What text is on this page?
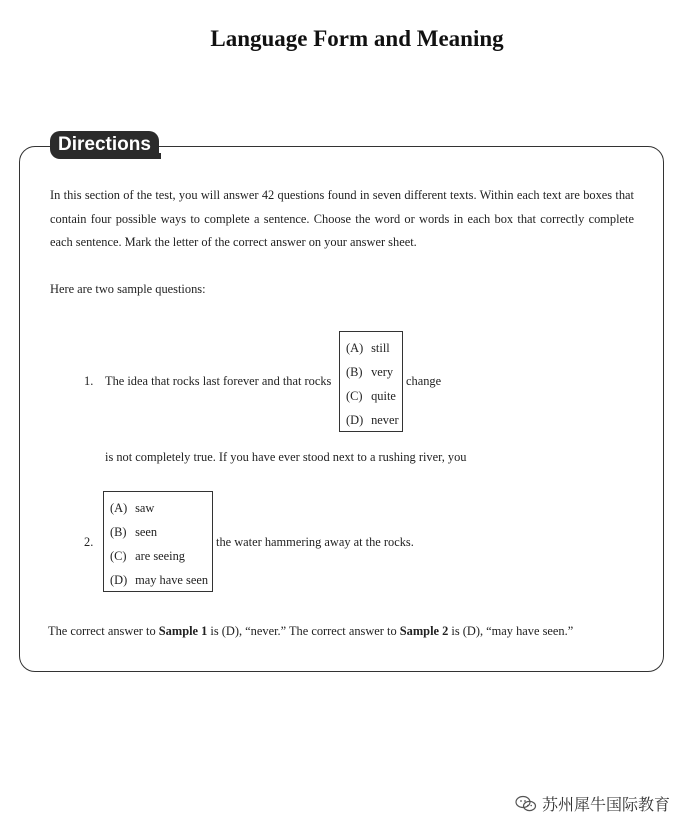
Language Form and Meaning
Directions

In this section of the test, you will answer 42 questions found in seven different texts. Within each text are boxes that contain four possible ways to complete a sentence. Choose the word or words in each box that correctly complete each sentence. Mark the letter of the correct answer on your answer sheet.

Here are two sample questions:

1. The idea that rocks last forever and that rocks
(A) still
(B) very
(C) quite
(D) never
change
is not completely true. If you have ever stood next to a rushing river, you
2.
(A) saw
(B) seen
(C) are seeing
(D) may have seen
the water hammering away at the rocks.

The correct answer to Sample 1 is (D), “never.” The correct answer to Sample 2 is (D), “may have seen.”

苏州犀牛国际教育
